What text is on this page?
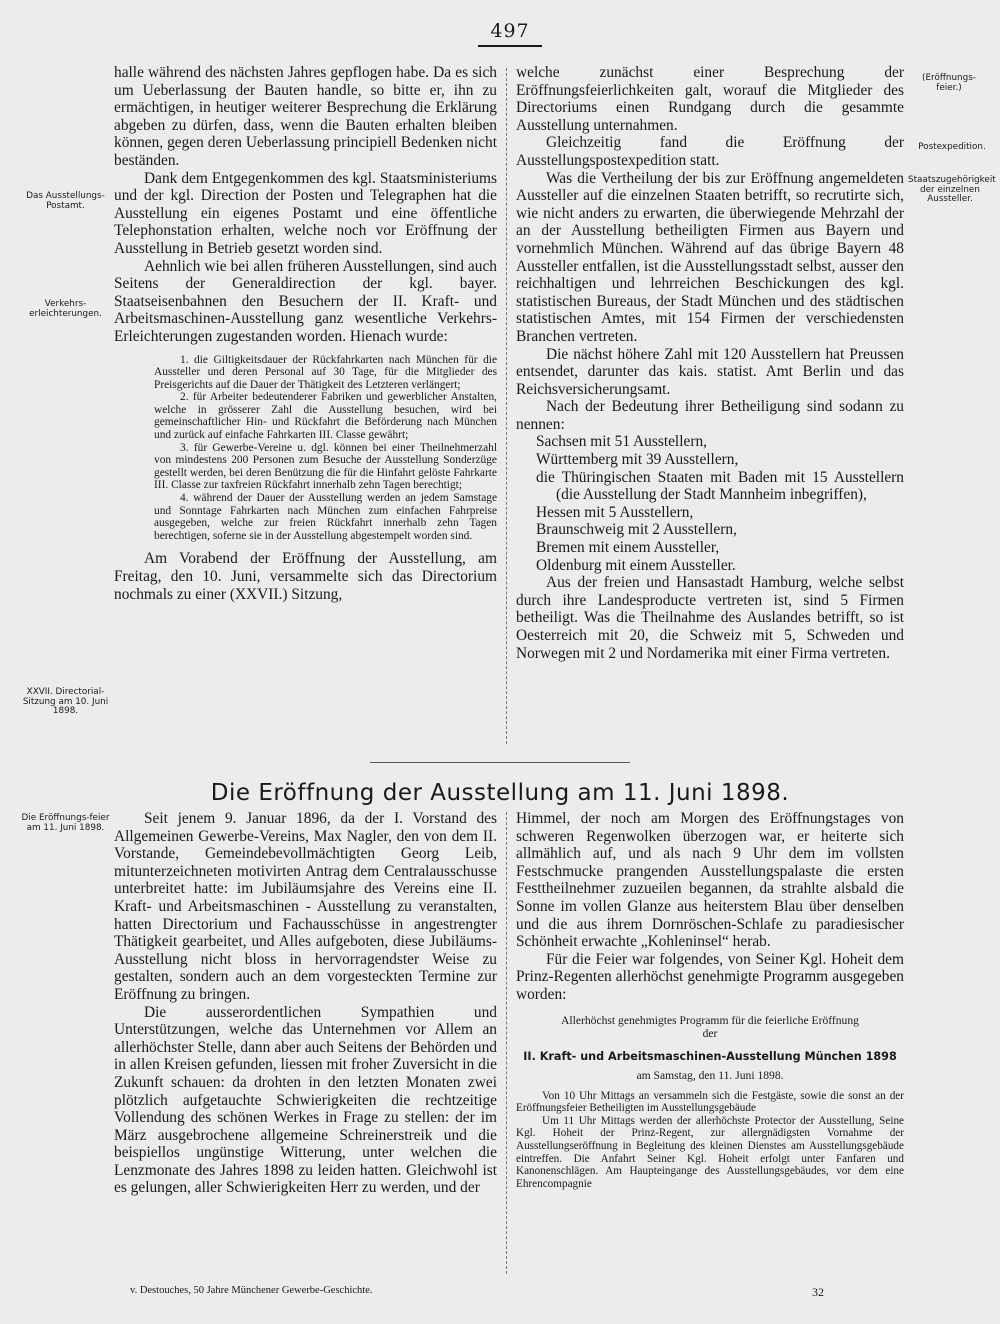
497
Das Ausstellungs-Postamt.
Verkehrs-erleichterungen.
XXVII. Directorial-Sitzung am 10. Juni 1898.
(Eröffnungs-feier.)
Postexpedition.
Staatszugehörigkeit der einzelnen Aussteller.

halle während des nächsten Jahres gepflogen habe. Da es sich um Ueberlassung der Bauten handle, so bitte er, ihn zu ermächtigen, in heutiger weiterer Besprechung die Erklärung abgeben zu dürfen, dass, wenn die Bauten erhalten bleiben können, gegen deren Ueberlassung principiell Bedenken nicht beständen.

Dank dem Entgegenkommen des kgl. Staatsministeriums und der kgl. Direction der Posten und Telegraphen hat die Ausstellung ein eigenes Postamt und eine öffentliche Telephonstation erhalten, welche noch vor Eröffnung der Ausstellung in Betrieb gesetzt worden sind.

Aehnlich wie bei allen früheren Ausstellungen, sind auch Seitens der Generaldirection der kgl. bayer. Staatseisenbahnen den Besuchern der II. Kraft- und Arbeitsmaschinen-Ausstellung ganz wesentliche Verkehrs-Erleichterungen zugestanden worden. Hienach wurde:

1. die Giltigkeitsdauer der Rückfahrkarten nach München für die Aussteller und deren Personal auf 30 Tage, für die Mitglieder des Preisgerichts auf die Dauer der Thätigkeit des Letzteren verlängert;

2. für Arbeiter bedeutenderer Fabriken und gewerblicher Anstalten, welche in grösserer Zahl die Ausstellung besuchen, wird bei gemeinschaftlicher Hin- und Rückfahrt die Beförderung nach München und zurück auf einfache Fahrkarten III. Classe gewährt;

3. für Gewerbe-Vereine u. dgl. können bei einer Theilnehmerzahl von mindestens 200 Personen zum Besuche der Ausstellung Sonderzüge gestellt werden, bei deren Benützung die für die Hinfahrt gelöste Fahrkarte III. Classe zur taxfreien Rückfahrt innerhalb zehn Tagen berechtigt;

4. während der Dauer der Ausstellung werden an jedem Samstage und Sonntage Fahrkarten nach München zum einfachen Fahrpreise ausgegeben, welche zur freien Rückfahrt innerhalb zehn Tagen berechtigen, soferne sie in der Ausstellung abgestempelt worden sind.

Am Vorabend der Eröffnung der Ausstellung, am Freitag, den 10. Juni, versammelte sich das Directorium nochmals zu einer (XXVII.) Sitzung,

welche zunächst einer Besprechung der Eröffnungsfeierlichkeiten galt, worauf die Mitglieder des Directoriums einen Rundgang durch die gesammte Ausstellung unternahmen.

Gleichzeitig fand die Eröffnung der Ausstellungspostexpedition statt.

Was die Vertheilung der bis zur Eröffnung angemeldeten Aussteller auf die einzelnen Staaten betrifft, so recrutirte sich, wie nicht anders zu erwarten, die überwiegende Mehrzahl der an der Ausstellung betheiligten Firmen aus Bayern und vornehmlich München. Während auf das übrige Bayern 48 Aussteller entfallen, ist die Ausstellungsstadt selbst, ausser den reichhaltigen und lehrreichen Beschickungen des kgl. statistischen Bureaus, der Stadt München und des städtischen statistischen Amtes, mit 154 Firmen der verschiedensten Branchen vertreten.

Die nächst höhere Zahl mit 120 Ausstellern hat Preussen entsendet, darunter das kais. statist. Amt Berlin und das Reichsversicherungsamt.

Nach der Bedeutung ihrer Betheiligung sind sodann zu nennen:

Sachsen mit 51 Ausstellern,

Württemberg mit 39 Ausstellern,

die Thüringischen Staaten mit Baden mit 15 Ausstellern (die Ausstellung der Stadt Mannheim inbegriffen),

Hessen mit 5 Ausstellern,

Braunschweig mit 2 Ausstellern,

Bremen mit einem Aussteller,

Oldenburg mit einem Aussteller.

Aus der freien und Hansastadt Hamburg, welche selbst durch ihre Landesproducte vertreten ist, sind 5 Firmen betheiligt. Was die Theilnahme des Auslandes betrifft, so ist Oesterreich mit 20, die Schweiz mit 5, Schweden und Norwegen mit 2 und Nordamerika mit einer Firma vertreten.

Die Eröffnung der Ausstellung am 11. Juni 1898.
Die Eröffnungs-feier am 11. Juni 1898.

Seit jenem 9. Januar 1896, da der I. Vorstand des Allgemeinen Gewerbe-Vereins, Max Nagler, den von dem II. Vorstande, Gemeindebevollmächtigten Georg Leib, mitunterzeichneten motivirten Antrag dem Centralausschusse unterbreitet hatte: im Jubiläumsjahre des Vereins eine II. Kraft- und Arbeitsmaschinen - Ausstellung zu veranstalten, hatten Directorium und Fachausschüsse in angestrengter Thätigkeit gearbeitet, und Alles aufgeboten, diese Jubiläums-Ausstellung nicht bloss in hervorragendster Weise zu gestalten, sondern auch an dem vorgesteckten Termine zur Eröffnung zu bringen.

Die ausserordentlichen Sympathien und Unterstützungen, welche das Unternehmen vor Allem an allerhöchster Stelle, dann aber auch Seitens der Behörden und in allen Kreisen gefunden, liessen mit froher Zuversicht in die Zukunft schauen: da drohten in den letzten Monaten zwei plötzlich aufgetauchte Schwierigkeiten die rechtzeitige Vollendung des schönen Werkes in Frage zu stellen: der im März ausgebrochene allgemeine Schreinerstreik und die beispiellos ungünstige Witterung, unter welchen die Lenzmonate des Jahres 1898 zu leiden hatten. Gleichwohl ist es gelungen, aller Schwierigkeiten Herr zu werden, und der

Himmel, der noch am Morgen des Eröffnungstages von schweren Regenwolken überzogen war, er heiterte sich allmählich auf, und als nach 9 Uhr dem im vollsten Festschmucke prangenden Ausstellungspalaste die ersten Festtheilnehmer zuzueilen begannen, da strahlte alsbald die Sonne im vollen Glanze aus heiterstem Blau über denselben und die aus ihrem Dornröschen-Schlafe zu paradiesischer Schönheit erwachte „Kohleninsel“ herab.

Für die Feier war folgendes, von Seiner Kgl. Hoheit dem Prinz-Regenten allerhöchst genehmigte Programm ausgegeben worden:

Allerhöchst genehmigtes Programm für die feierliche Eröffnung

der

II. Kraft- und Arbeitsmaschinen-Ausstellung München 1898

am Samstag, den 11. Juni 1898.

Von 10 Uhr Mittags an versammeln sich die Festgäste, sowie die sonst an der Eröffnungsfeier Betheiligten im Ausstellungsgebäude

Um 11 Uhr Mittags werden der allerhöchste Protector der Ausstellung, Seine Kgl. Hoheit der Prinz-Regent, zur allergnädigsten Vornahme der Ausstellungseröffnung in Begleitung des kleinen Dienstes am Ausstellungsgebäude eintreffen. Die Anfahrt Seiner Kgl. Hoheit erfolgt unter Fanfaren und Kanonenschlägen. Am Haupteingange des Ausstellungsgebäudes, vor dem eine Ehrencompagnie

v. Destouches, 50 Jahre Münchener Gewerbe-Geschichte.	32
